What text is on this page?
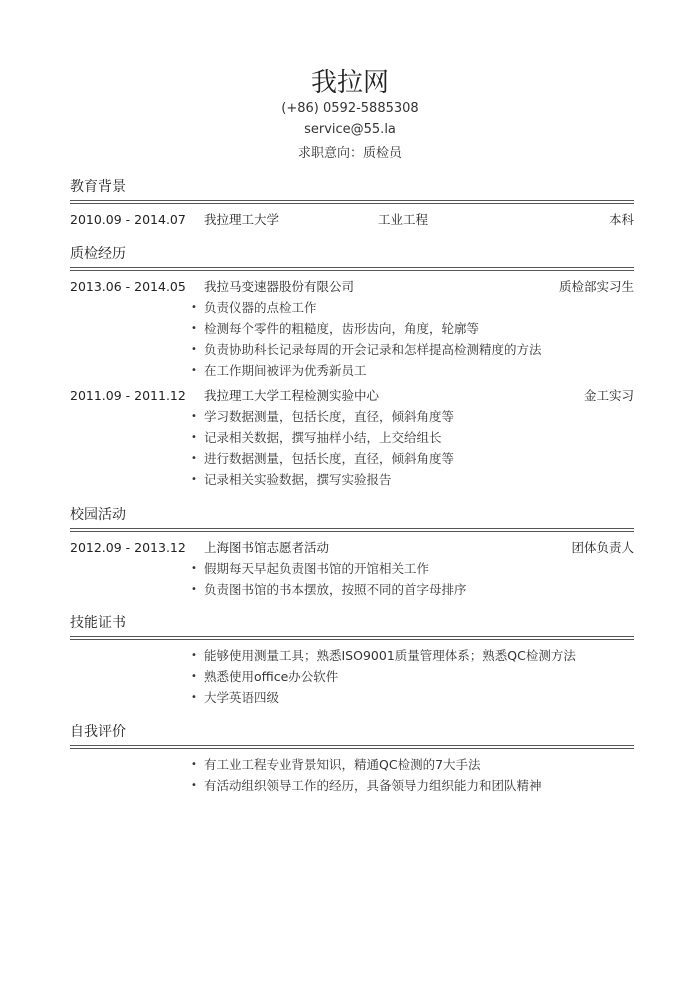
我拉网
(+86) 0592-5885308
service@55.la
求职意向：质检员
教育背景
2010.09 - 2014.07 我拉理工大学	工业工程	本科
质检经历
2013.06 - 2014.05 我拉马变速器股份有限公司	质检部实习生
• 负责仪器的点检工作
• 检测每个零件的粗糙度，齿形齿向，角度，轮廓等
• 负责协助科长记录每周的开会记录和怎样提高检测精度的方法
• 在工作期间被评为优秀新员工
2011.09 - 2011.12 我拉理工大学工程检测实验中心	金工实习
• 学习数据测量，包括长度，直径，倾斜角度等
• 记录相关数据，撰写抽样小结，上交给组长
• 进行数据测量，包括长度，直径，倾斜角度等
• 记录相关实验数据，撰写实验报告
校园活动
2012.09 - 2013.12 上海图书馆志愿者活动	团体负责人
• 假期每天早起负责图书馆的开馆相关工作
• 负责图书馆的书本摆放，按照不同的首字母排序
技能证书
• 能够使用测量工具；熟悉ISO9001质量管理体系；熟悉QC检测方法
• 熟悉使用office办公软件
• 大学英语四级
自我评价
• 有工业工程专业背景知识，精通QC检测的7大手法
• 有活动组织领导工作的经历，具备领导力组织能力和团队精神
